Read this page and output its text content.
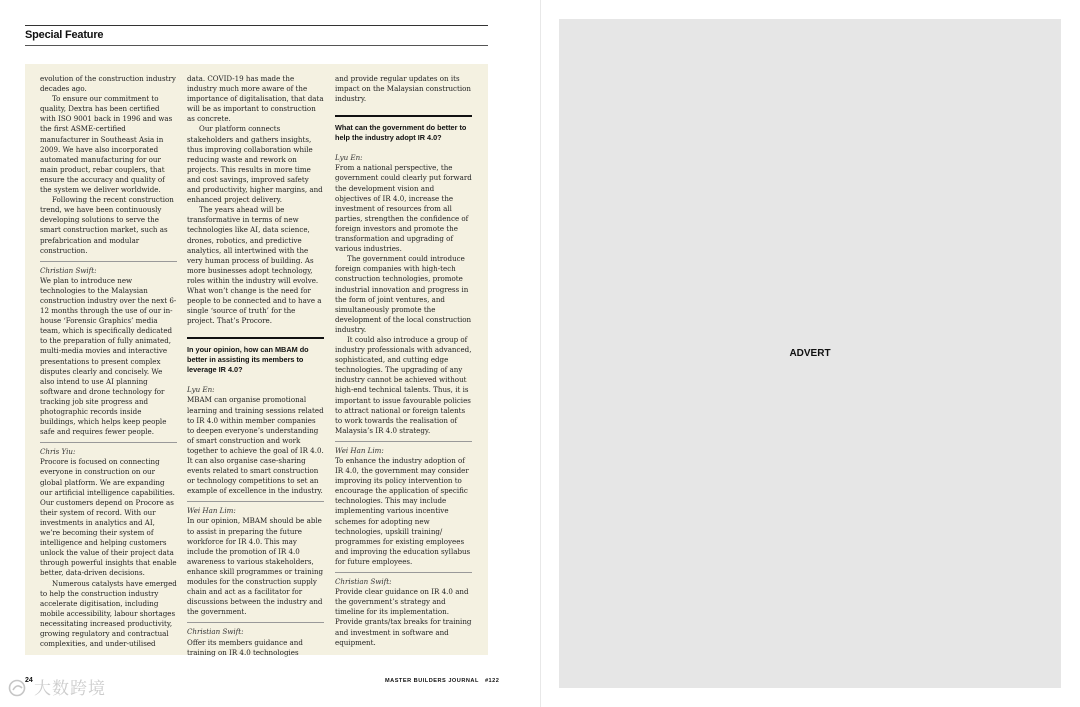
Special Feature

evolution of the construction industry decades ago.

To ensure our commitment to quality, Dextra has been certified with ISO 9001 back in 1996 and was the first ASME-certified manufacturer in Southeast Asia in 2009. We have also incorporated automated manufacturing for our main product, rebar couplers, that ensure the accuracy and quality of the system we deliver worldwide.

Following the recent construction trend, we have been continuously developing solutions to serve the smart construction market, such as prefabrication and modular construction.

Christian Swift:

We plan to introduce new technologies to the Malaysian construction industry over the next 6-12 months through the use of our in-house ‘Forensic Graphics’ media team, which is specifically dedicated to the preparation of fully animated, multi-media movies and interactive presentations to present complex disputes clearly and concisely. We also intend to use AI planning software and drone technology for tracking job site progress and photographic records inside buildings, which helps keep people safe and requires fewer people.

Chris Yiu:

Procore is focused on connecting everyone in construction on our global platform. We are expanding our artificial intelligence capabilities. Our customers depend on Procore as their system of record. With our investments in analytics and AI, we’re becoming their system of intelligence and helping customers unlock the value of their project data through powerful insights that enable better, data-driven decisions.

Numerous catalysts have emerged to help the construction industry accelerate digitisation, including mobile accessibility, labour shortages necessitating increased productivity, growing regulatory and contractual complexities, and under-utilised

data. COVID-19 has made the industry much more aware of the importance of digitalisation, that data will be as important to construction as concrete.

Our platform connects stakeholders and gathers insights, thus improving collaboration while reducing waste and rework on projects. This results in more time and cost savings, improved safety and productivity, higher margins, and enhanced project delivery.

The years ahead will be transformative in terms of new technologies like AI, data science, drones, robotics, and predictive analytics, all intertwined with the very human process of building. As more businesses adopt technology, roles within the industry will evolve. What won’t change is the need for people to be connected and to have a single ‘source of truth’ for the project. That’s Procore.

In your opinion, how can MBAM do better in assisting its members to leverage IR 4.0?

Lyu En:

MBAM can organise promotional learning and training sessions related to IR 4.0 within member companies to deepen everyone’s understanding of smart construction and work together to achieve the goal of IR 4.0. It can also organise case-sharing events related to smart construction or technology competitions to set an example of excellence in the industry.

Wei Han Lim:

In our opinion, MBAM should be able to assist in preparing the future workforce for IR 4.0. This may include the promotion of IR 4.0 awareness to various stakeholders, enhance skill programmes or training modules for the construction supply chain and act as a facilitator for discussions between the industry and the government.

Christian Swift:

Offer its members guidance and training on IR 4.0 technologies

and provide regular updates on its impact on the Malaysian construction industry.

What can the government do better to help the industry adopt IR 4.0?

Lyu En:

From a national perspective, the government could clearly put forward the development vision and objectives of IR 4.0, increase the investment of resources from all parties, strengthen the confidence of foreign investors and promote the transformation and upgrading of various industries.

The government could introduce foreign companies with high-tech construction technologies, promote industrial innovation and progress in the form of joint ventures, and simultaneously promote the development of the local construction industry.

It could also introduce a group of industry professionals with advanced, sophisticated, and cutting edge technologies. The upgrading of any industry cannot be achieved without high-end technical talents. Thus, it is important to issue favourable policies to attract national or foreign talents to work towards the realisation of Malaysia’s IR 4.0 strategy.

Wei Han Lim:

To enhance the industry adoption of IR 4.0, the government may consider improving its policy intervention to encourage the application of specific technologies. This may include implementing various incentive schemes for adopting new technologies, upskill training/ programmes for existing employees and improving the education syllabus for future employees.

Christian Swift:

Provide clear guidance on IR 4.0 and the government’s strategy and timeline for its implementation. Provide grants/tax breaks for training and investment in software and equipment.

大数跨境
24	MASTER BUILDERS JOURNAL #122
ADVERT
